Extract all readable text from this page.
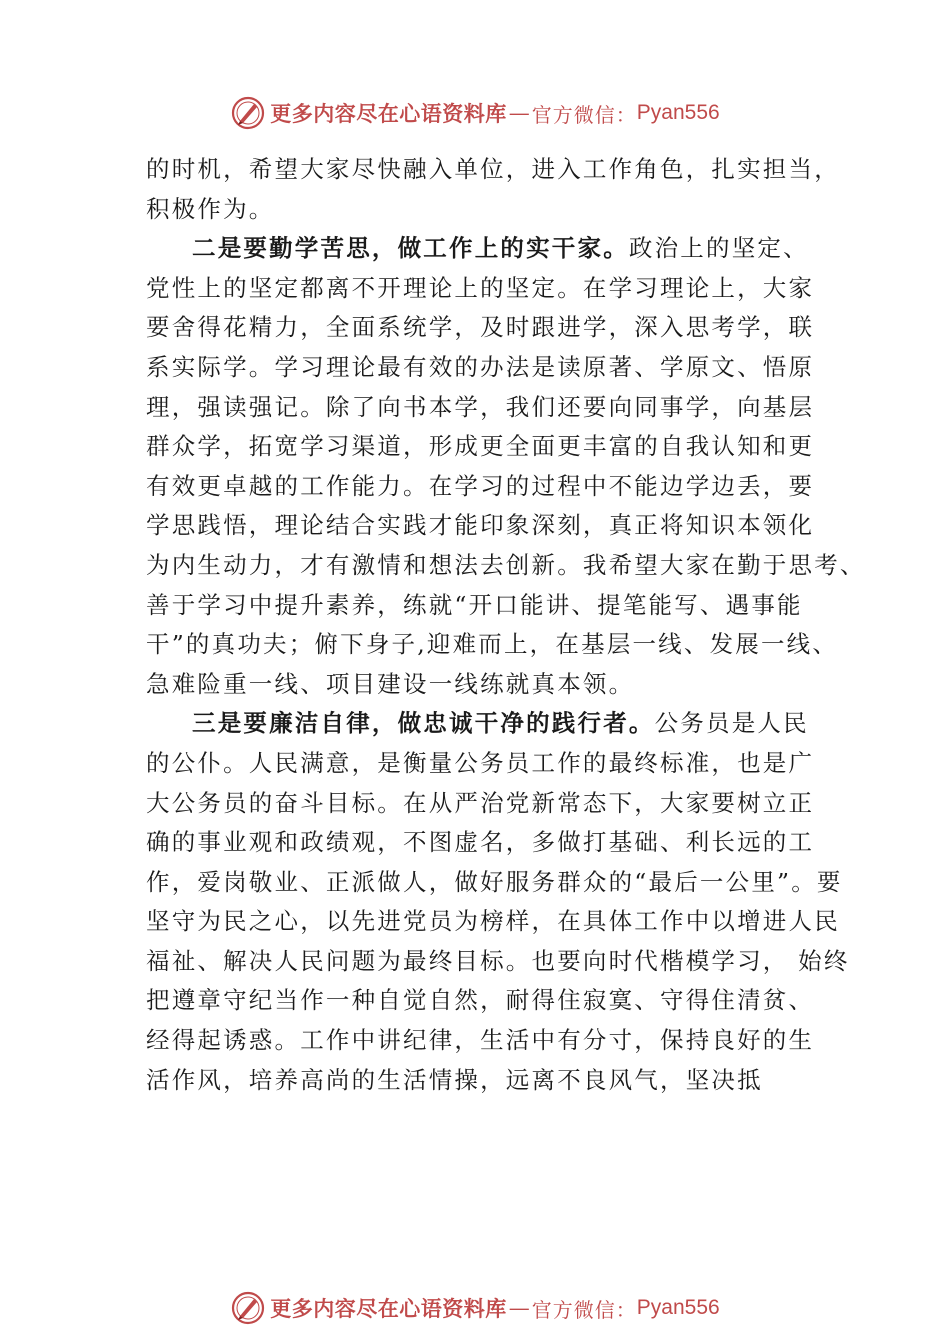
更多内容尽在心语资料库 — 官方微信： Pyan556
的时机，希望大家尽快融入单位，进入工作角色，扎实担当，
积极作为。
二是要勤学苦思，做工作上的实干家。政治上的坚定、
党性上的坚定都离不开理论上的坚定。在学习理论上，大家
要舍得花精力，全面系统学，及时跟进学，深入思考学，联
系实际学。学习理论最有效的办法是读原著、学原文、悟原
理，强读强记。除了向书本学，我们还要向同事学，向基层
群众学，拓宽学习渠道，形成更全面更丰富的自我认知和更
有效更卓越的工作能力。在学习的过程中不能边学边丢，要
学思践悟，理论结合实践才能印象深刻，真正将知识本领化
为内生动力，才有激情和想法去创新。我希望大家在勤于思考、
善于学习中提升素养，练就“开口能讲、提笔能写、遇事能
干”的真功夫；俯下身子,迎难而上，在基层一线、发展一线、
急难险重一线、项目建设一线练就真本领。
三是要廉洁自律，做忠诚干净的践行者。公务员是人民
的公仆。人民满意，是衡量公务员工作的最终标准，也是广
大公务员的奋斗目标。在从严治党新常态下，大家要树立正
确的事业观和政绩观，不图虚名，多做打基础、利长远的工
作，爱岗敬业、正派做人，做好服务群众的“最后一公里”。要
坚守为民之心，以先进党员为榜样，在具体工作中以增进人民
福祉、解决人民问题为最终目标。也要向时代楷模学习， 始终
把遵章守纪当作一种自觉自然，耐得住寂寞、守得住清贫、
经得起诱惑。工作中讲纪律，生活中有分寸，保持良好的生
活作风，培养高尚的生活情操，远离不良风气，坚决抵
更多内容尽在心语资料库 — 官方微信： Pyan556
